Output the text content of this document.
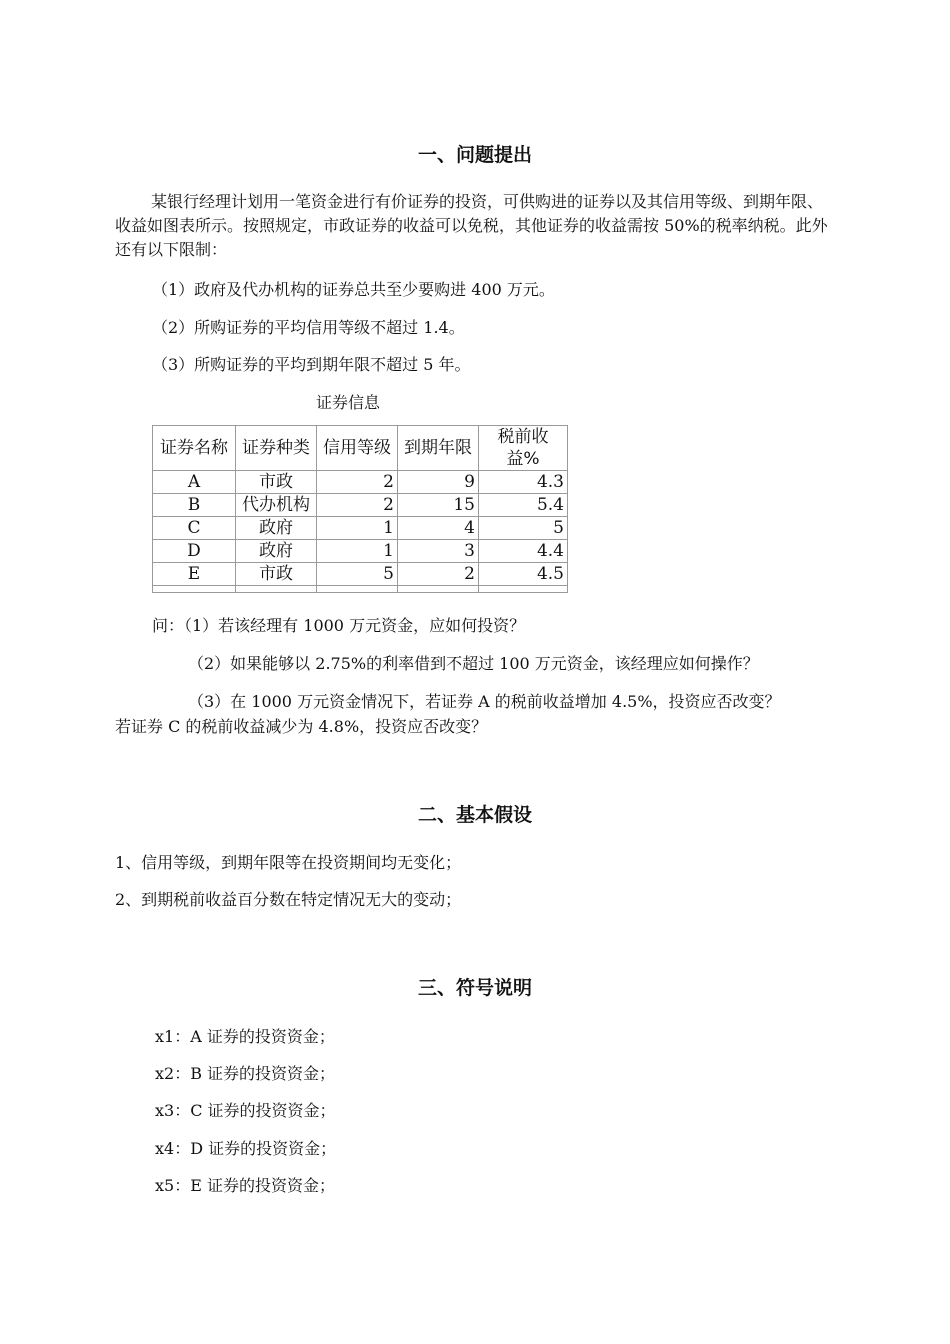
一、问题提出
某银行经理计划用一笔资金进行有价证券的投资，可供购进的证券以及其信用等级、到期年限、收益如图表所示。按照规定，市政证券的收益可以免税，其他证券的收益需按 50%的税率纳税。此外还有以下限制：
（1）政府及代办机构的证券总共至少要购进 400 万元。
（2）所购证券的平均信用等级不超过 1.4。
（3）所购证券的平均到期年限不超过 5 年。
证券信息
证券名称	证券种类	信用等级	到期年限	税前收益%
A	市政	2	9	4.3
B	代办机构	2	15	5.4
C	政府	1	4	5
D	政府	1	3	4.4
E	市政	5	2	4.5

问：（1）若该经理有 1000 万元资金，应如何投资？
（2）如果能够以 2.75%的利率借到不超过 100 万元资金，该经理应如何操作？
（3）在 1000 万元资金情况下，若证券 A 的税前收益增加 4.5%，投资应否改变？
若证券 C 的税前收益减少为 4.8%，投资应否改变？
二、基本假设
1、信用等级，到期年限等在投资期间均无变化；
2、到期税前收益百分数在特定情况无大的变动；
三、符号说明
x1：A 证券的投资资金；
x2：B 证券的投资资金；
x3：C 证券的投资资金；
x4：D 证券的投资资金；
x5：E 证券的投资资金；
